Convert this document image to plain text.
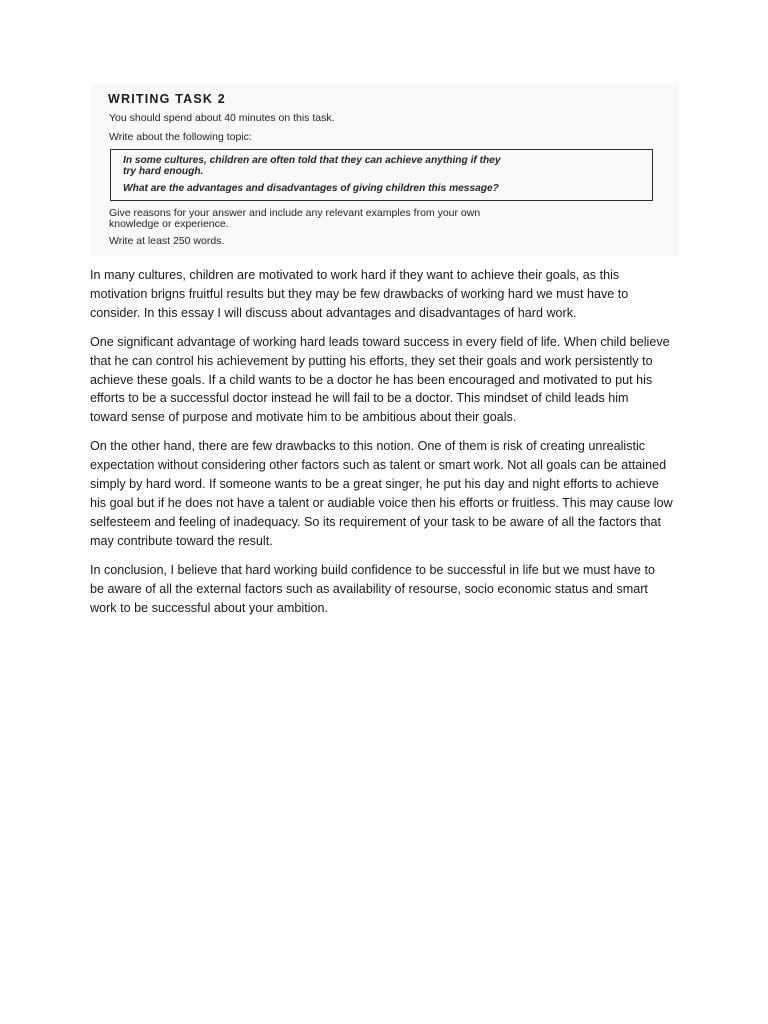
WRITING TASK 2
You should spend about 40 minutes on this task.
Write about the following topic:
In some cultures, children are often told that they can achieve anything if they
try hard enough.
What are the advantages and disadvantages of giving children this message?
Give reasons for your answer and include any relevant examples from your own
knowledge or experience.
Write at least 250 words.

In many cultures, children are motivated to work hard if they want to achieve their goals, as this
motivation brigns fruitful results but they may be few drawbacks of working hard we must have to
consider. In this essay I will discuss about advantages and disadvantages of hard work.

One significant advantage of working hard leads toward success in every field of life. When child believe
that he can control his achievement by putting his efforts, they set their goals and work persistently to
achieve these goals. If a child wants to be a doctor he has been encouraged and motivated to put his
efforts to be a successful doctor instead he will fail to be a doctor. This mindset of child leads him
toward sense of purpose and motivate him to be ambitious about their goals.

On the other hand, there are few drawbacks to this notion. One of them is risk of creating unrealistic
expectation without considering other factors such as talent or smart work. Not all goals can be attained
simply by hard word. If someone wants to be a great singer, he put his day and night efforts to achieve
his goal but if he does not have a talent or audiable voice then his efforts or fruitless. This may cause low
selfesteem and feeling of inadequacy. So its requirement of your task to be aware of all the factors that
may contribute toward the result.

In conclusion, I believe that hard working build confidence to be successful in life but we must have to
be aware of all the external factors such as availability of resourse, socio economic status and smart
work to be successful about your ambition.
